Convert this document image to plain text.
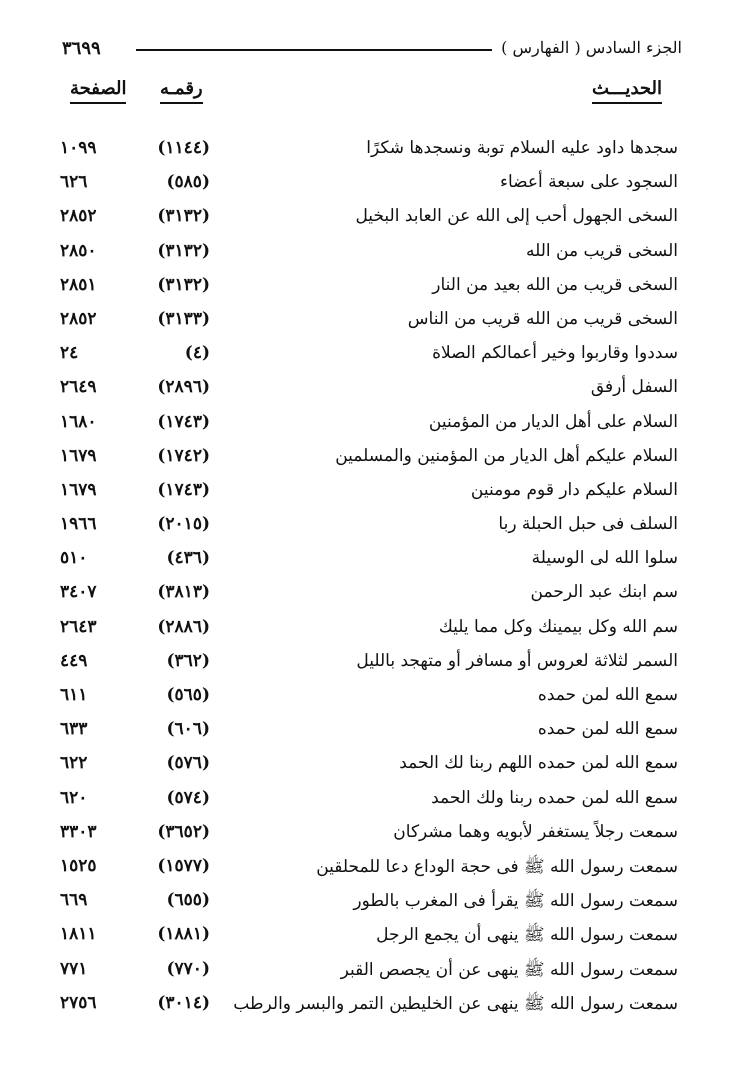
الجزء السادس ( الفهارس )
٣٦٩٩
الحديـــث
رقمـه
الصفحة
سجدها داود عليه السلام توبة ونسجدها شكرًا
(١١٤٤)
١٠٩٩
السجود على سبعة أعضاء
(٥٨٥)
٦٢٦
السخى الجهول أحب إلى الله عن العابد البخيل
(٣١٣٢)
٢٨٥٢
السخى قريب من الله
(٣١٣٢)
٢٨٥٠
السخى قريب من الله بعيد من النار
(٣١٣٢)
٢٨٥١
السخى قريب من الله قريب من الناس
(٣١٣٣)
٢٨٥٢
سددوا وقاربوا وخير أعمالكم الصلاة
(٤)
٢٤
السفل أرفق
(٢٨٩٦)
٢٦٤٩
السلام على أهل الديار من المؤمنين
(١٧٤٣)
١٦٨٠
السلام عليكم أهل الديار من المؤمنين والمسلمين
(١٧٤٢)
١٦٧٩
السلام عليكم دار قوم مومنين
(١٧٤٣)
١٦٧٩
السلف فى حبل الحبلة ربا
(٢٠١٥)
١٩٦٦
سلوا الله لى الوسيلة
(٤٣٦)
٥١٠
سم ابنك عبد الرحمن
(٣٨١٣)
٣٤٠٧
سم الله وكل بيمينك وكل مما يليك
(٢٨٨٦)
٢٦٤٣
السمر لثلاثة لعروس أو مسافر أو متهجد بالليل
(٣٦٢)
٤٤٩
سمع الله لمن حمده
(٥٦٥)
٦١١
سمع الله لمن حمده
(٦٠٦)
٦٣٣
سمع الله لمن حمده اللهم ربنا لك الحمد
(٥٧٦)
٦٢٢
سمع الله لمن حمده ربنا ولك الحمد
(٥٧٤)
٦٢٠
سمعت رجلاً يستغفر لأبويه وهما مشركان
(٣٦٥٢)
٣٣٠٣
سمعت رسول الله ﷺ فى حجة الوداع دعا للمحلقين
(١٥٧٧)
١٥٢٥
سمعت رسول الله ﷺ يقرأ فى المغرب بالطور
(٦٥٥)
٦٦٩
سمعت رسول الله ﷺ ينهى أن يجمع الرجل
(١٨٨١)
١٨١١
سمعت رسول الله ﷺ ينهى عن أن يجصص القبر
(٧٧٠)
٧٧١
سمعت رسول الله ﷺ ينهى عن الخليطين التمر والبسر والرطب
(٣٠١٤)
٢٧٥٦
